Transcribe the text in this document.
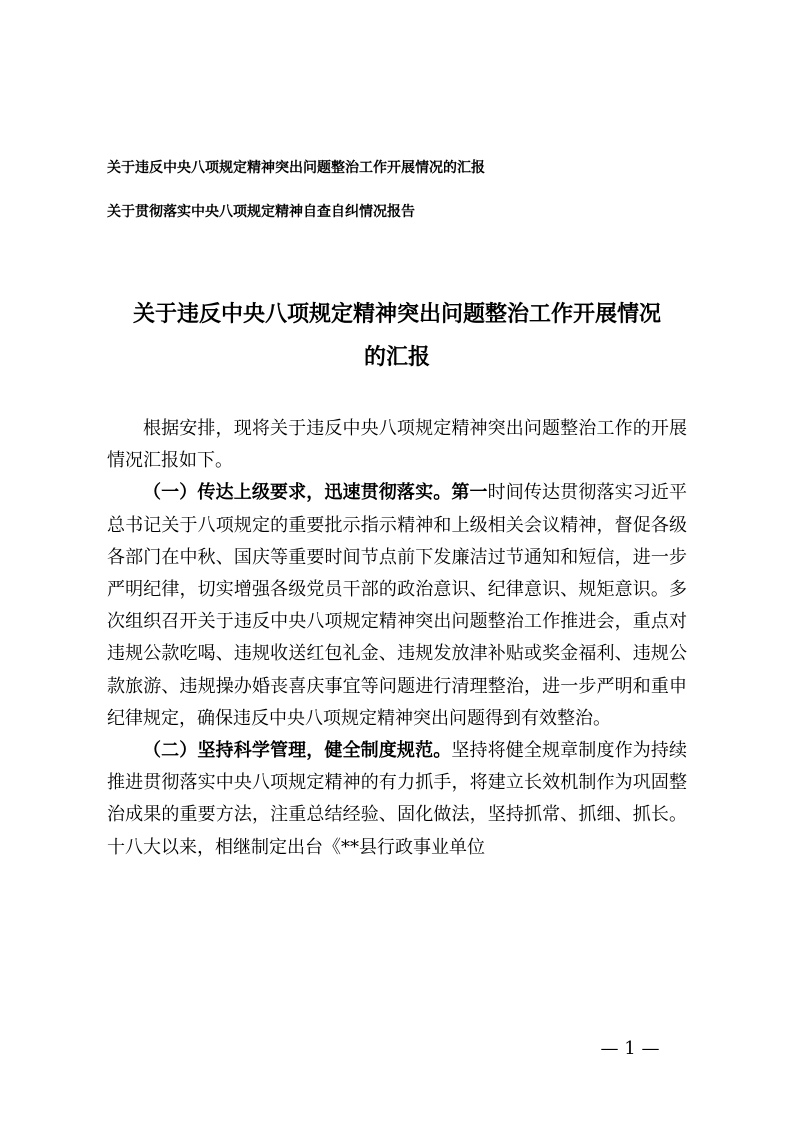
关于违反中央八项规定精神突出问题整治工作开展情况的汇报
关于贯彻落实中央八项规定精神自查自纠情况报告
关于违反中央八项规定精神突出问题整治工作开展情况
的汇报

根据安排，现将关于违反中央八项规定精神突出问题整治工作的开展情况汇报如下。

（一）传达上级要求，迅速贯彻落实。第一时间传达贯彻落实习近平总书记关于八项规定的重要批示指示精神和上级相关会议精神，督促各级各部门在中秋、国庆等重要时间节点前下发廉洁过节通知和短信，进一步严明纪律，切实增强各级党员干部的政治意识、纪律意识、规矩意识。多次组织召开关于违反中央八项规定精神突出问题整治工作推进会，重点对违规公款吃喝、违规收送红包礼金、违规发放津补贴或奖金福利、违规公款旅游、违规操办婚丧喜庆事宜等问题进行清理整治，进一步严明和重申纪律规定，确保违反中央八项规定精神突出问题得到有效整治。

（二）坚持科学管理，健全制度规范。坚持将健全规章制度作为持续推进贯彻落实中央八项规定精神的有力抓手，将建立长效机制作为巩固整治成果的重要方法，注重总结经验、固化做法，坚持抓常、抓细、抓长。十八大以来，相继制定出台《**县行政事业单位

— 1 —
